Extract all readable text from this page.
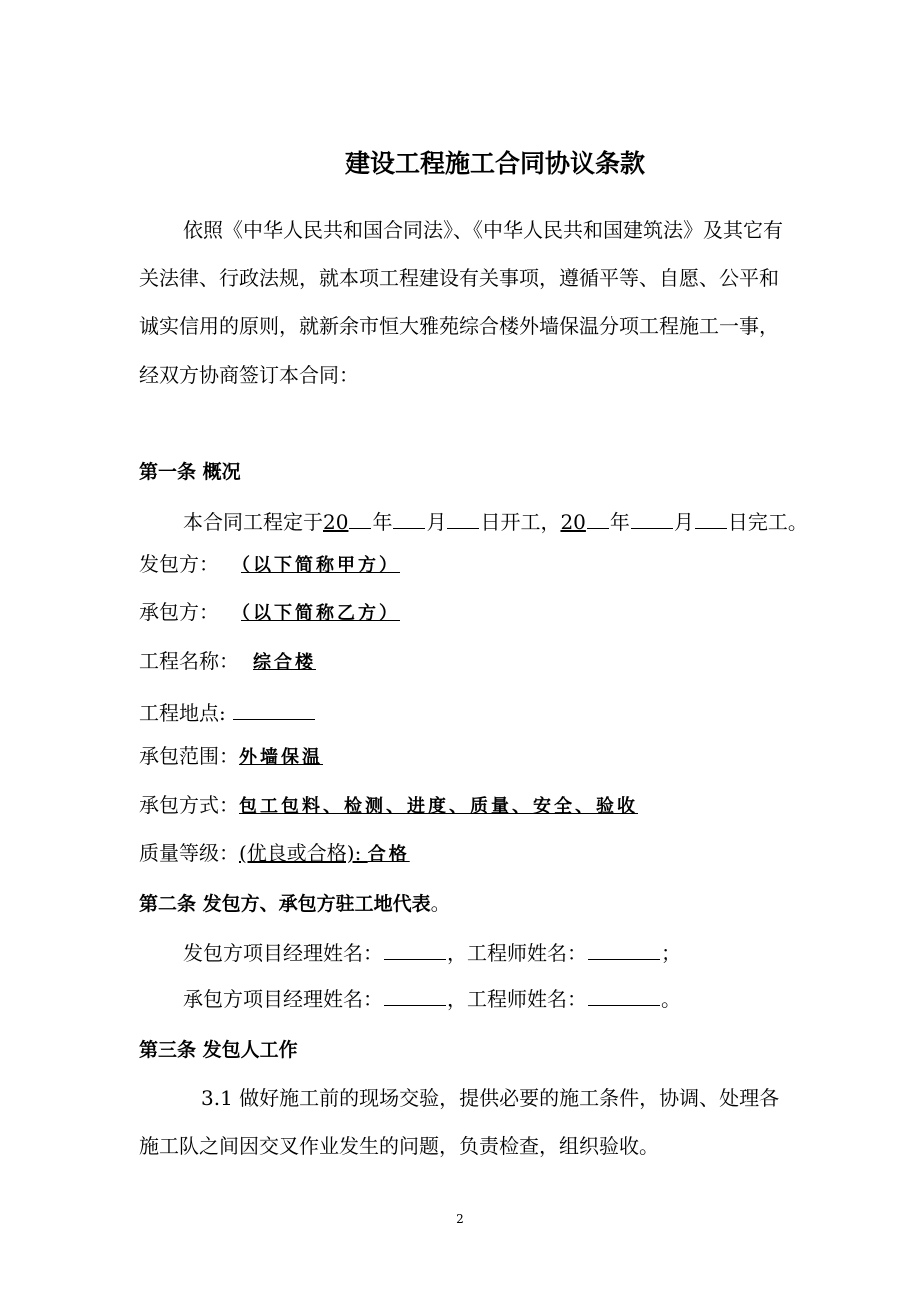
建设工程施工合同协议条款
依照《中华人民共和国合同法》、《中华人民共和国建筑法》及其它有
关法律、行政法规，就本项工程建设有关事项，遵循平等、自愿、公平和
诚实信用的原则，就新余市恒大雅苑综合楼外墙保温分项工程施工一事，
经双方协商签订本合同：
第一条 概况
本合同工程定于20 年 月 日开工，20 年 月 日完工。
发包方： （以下简称甲方）
承包方： （以下简称乙方）
工程名称： 综合楼
工程地点:
承包范围：外墙保温
承包方式：包工包料、检测、进度、质量、安全、验收
质量等级：(优良或合格): 合格
第二条 发包方、承包方驻工地代表。
发包方项目经理姓名：	，工程师姓名：	；
承包方项目经理姓名：	，工程师姓名：	。
第三条 发包人工作
3.1 做好施工前的现场交验，提供必要的施工条件，协调、处理各
施工队之间因交叉作业发生的问题，负责检查，组织验收。
2
